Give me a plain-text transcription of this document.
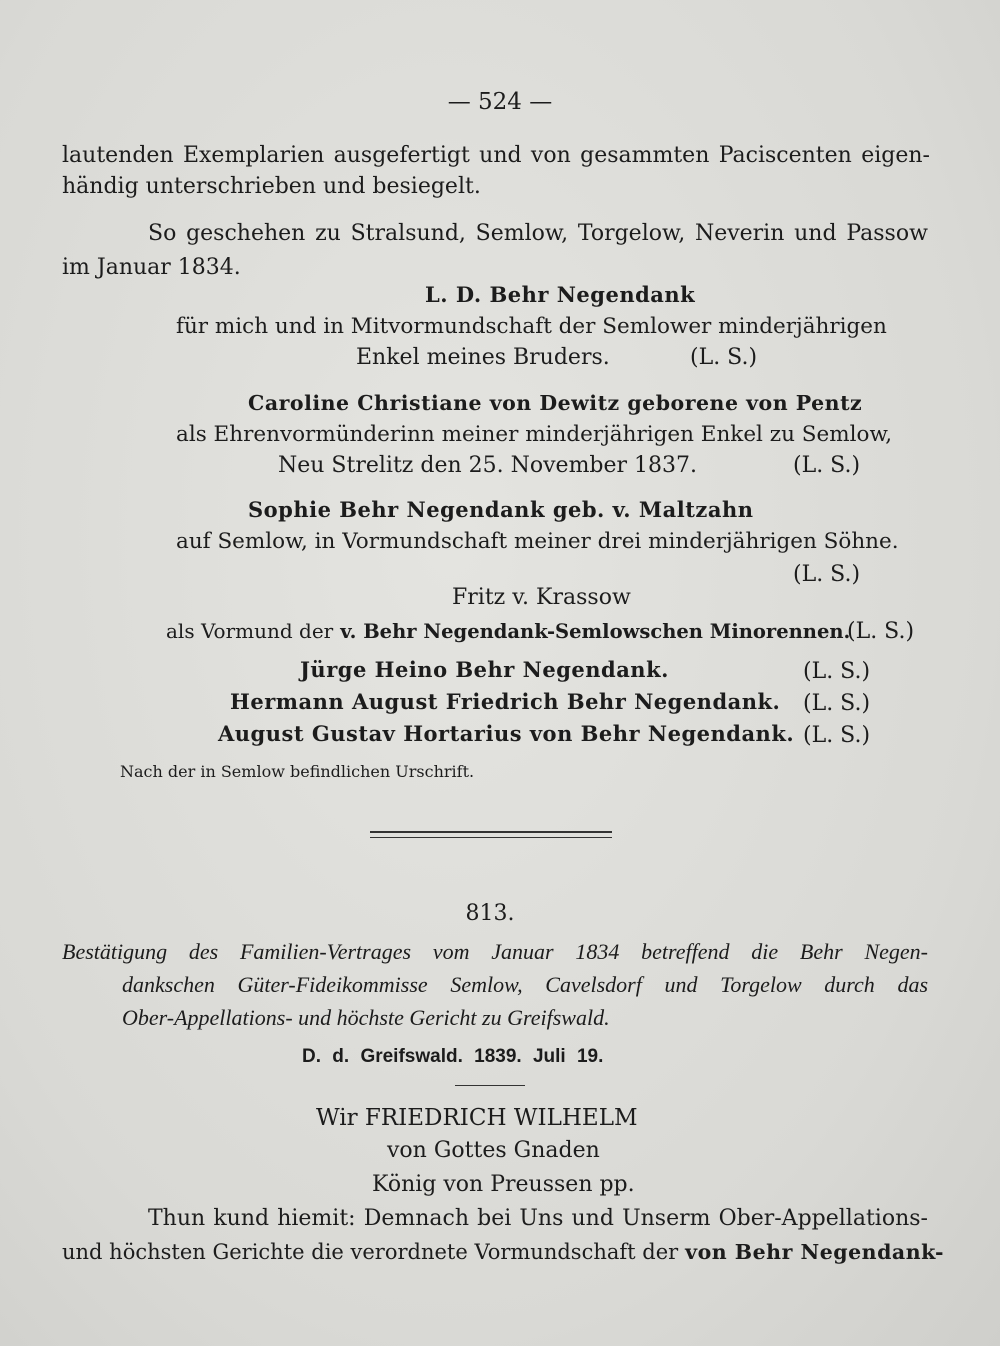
— 524 —
lautenden Exemplarien ausgefertigt und von gesammten Paciscenten eigen-
händig unterschrieben und besiegelt.
So geschehen zu Stralsund, Semlow, Torgelow, Neverin und Passow
im Januar 1834.
L. D. Behr Negendank
für mich und in Mitvormundschaft der Semlower minderjährigen
Enkel meines Bruders.	(L. S.)
Caroline Christiane von Dewitz geborene von Pentz
als Ehrenvormünderinn meiner minderjährigen Enkel zu Semlow,
Neu Strelitz den 25. November 1837.	(L. S.)
Sophie Behr Negendank geb. v. Maltzahn
auf Semlow, in Vormundschaft meiner drei minderjährigen Söhne.
(L. S.)
Fritz v. Krassow
als Vormund der v. Behr Negendank-Semlowschen Minorennen.
(L. S.)
Jürge Heino Behr Negendank.	(L. S.)
Hermann August Friedrich Behr Negendank. (L. S.)
August Gustav Hortarius von Behr Negendank. (L. S.)
Nach der in Semlow befindlichen Urschrift.
813.
Bestätigung des Familien-Vertrages vom Januar 1834 betreffend die Behr Negen-
dankschen Güter-Fideikommisse Semlow, Cavelsdorf und Torgelow durch das
Ober-Appellations- und höchste Gericht zu Greifswald.
D. d. Greifswald. 1839. Juli 19.
Wir FRIEDRICH WILHELM
von Gottes Gnaden
König von Preussen pp.
Thun kund hiemit: Demnach bei Uns und Unserm Ober-Appellations-
und höchsten Gerichte die verordnete Vormundschaft der von Behr Negendank-
